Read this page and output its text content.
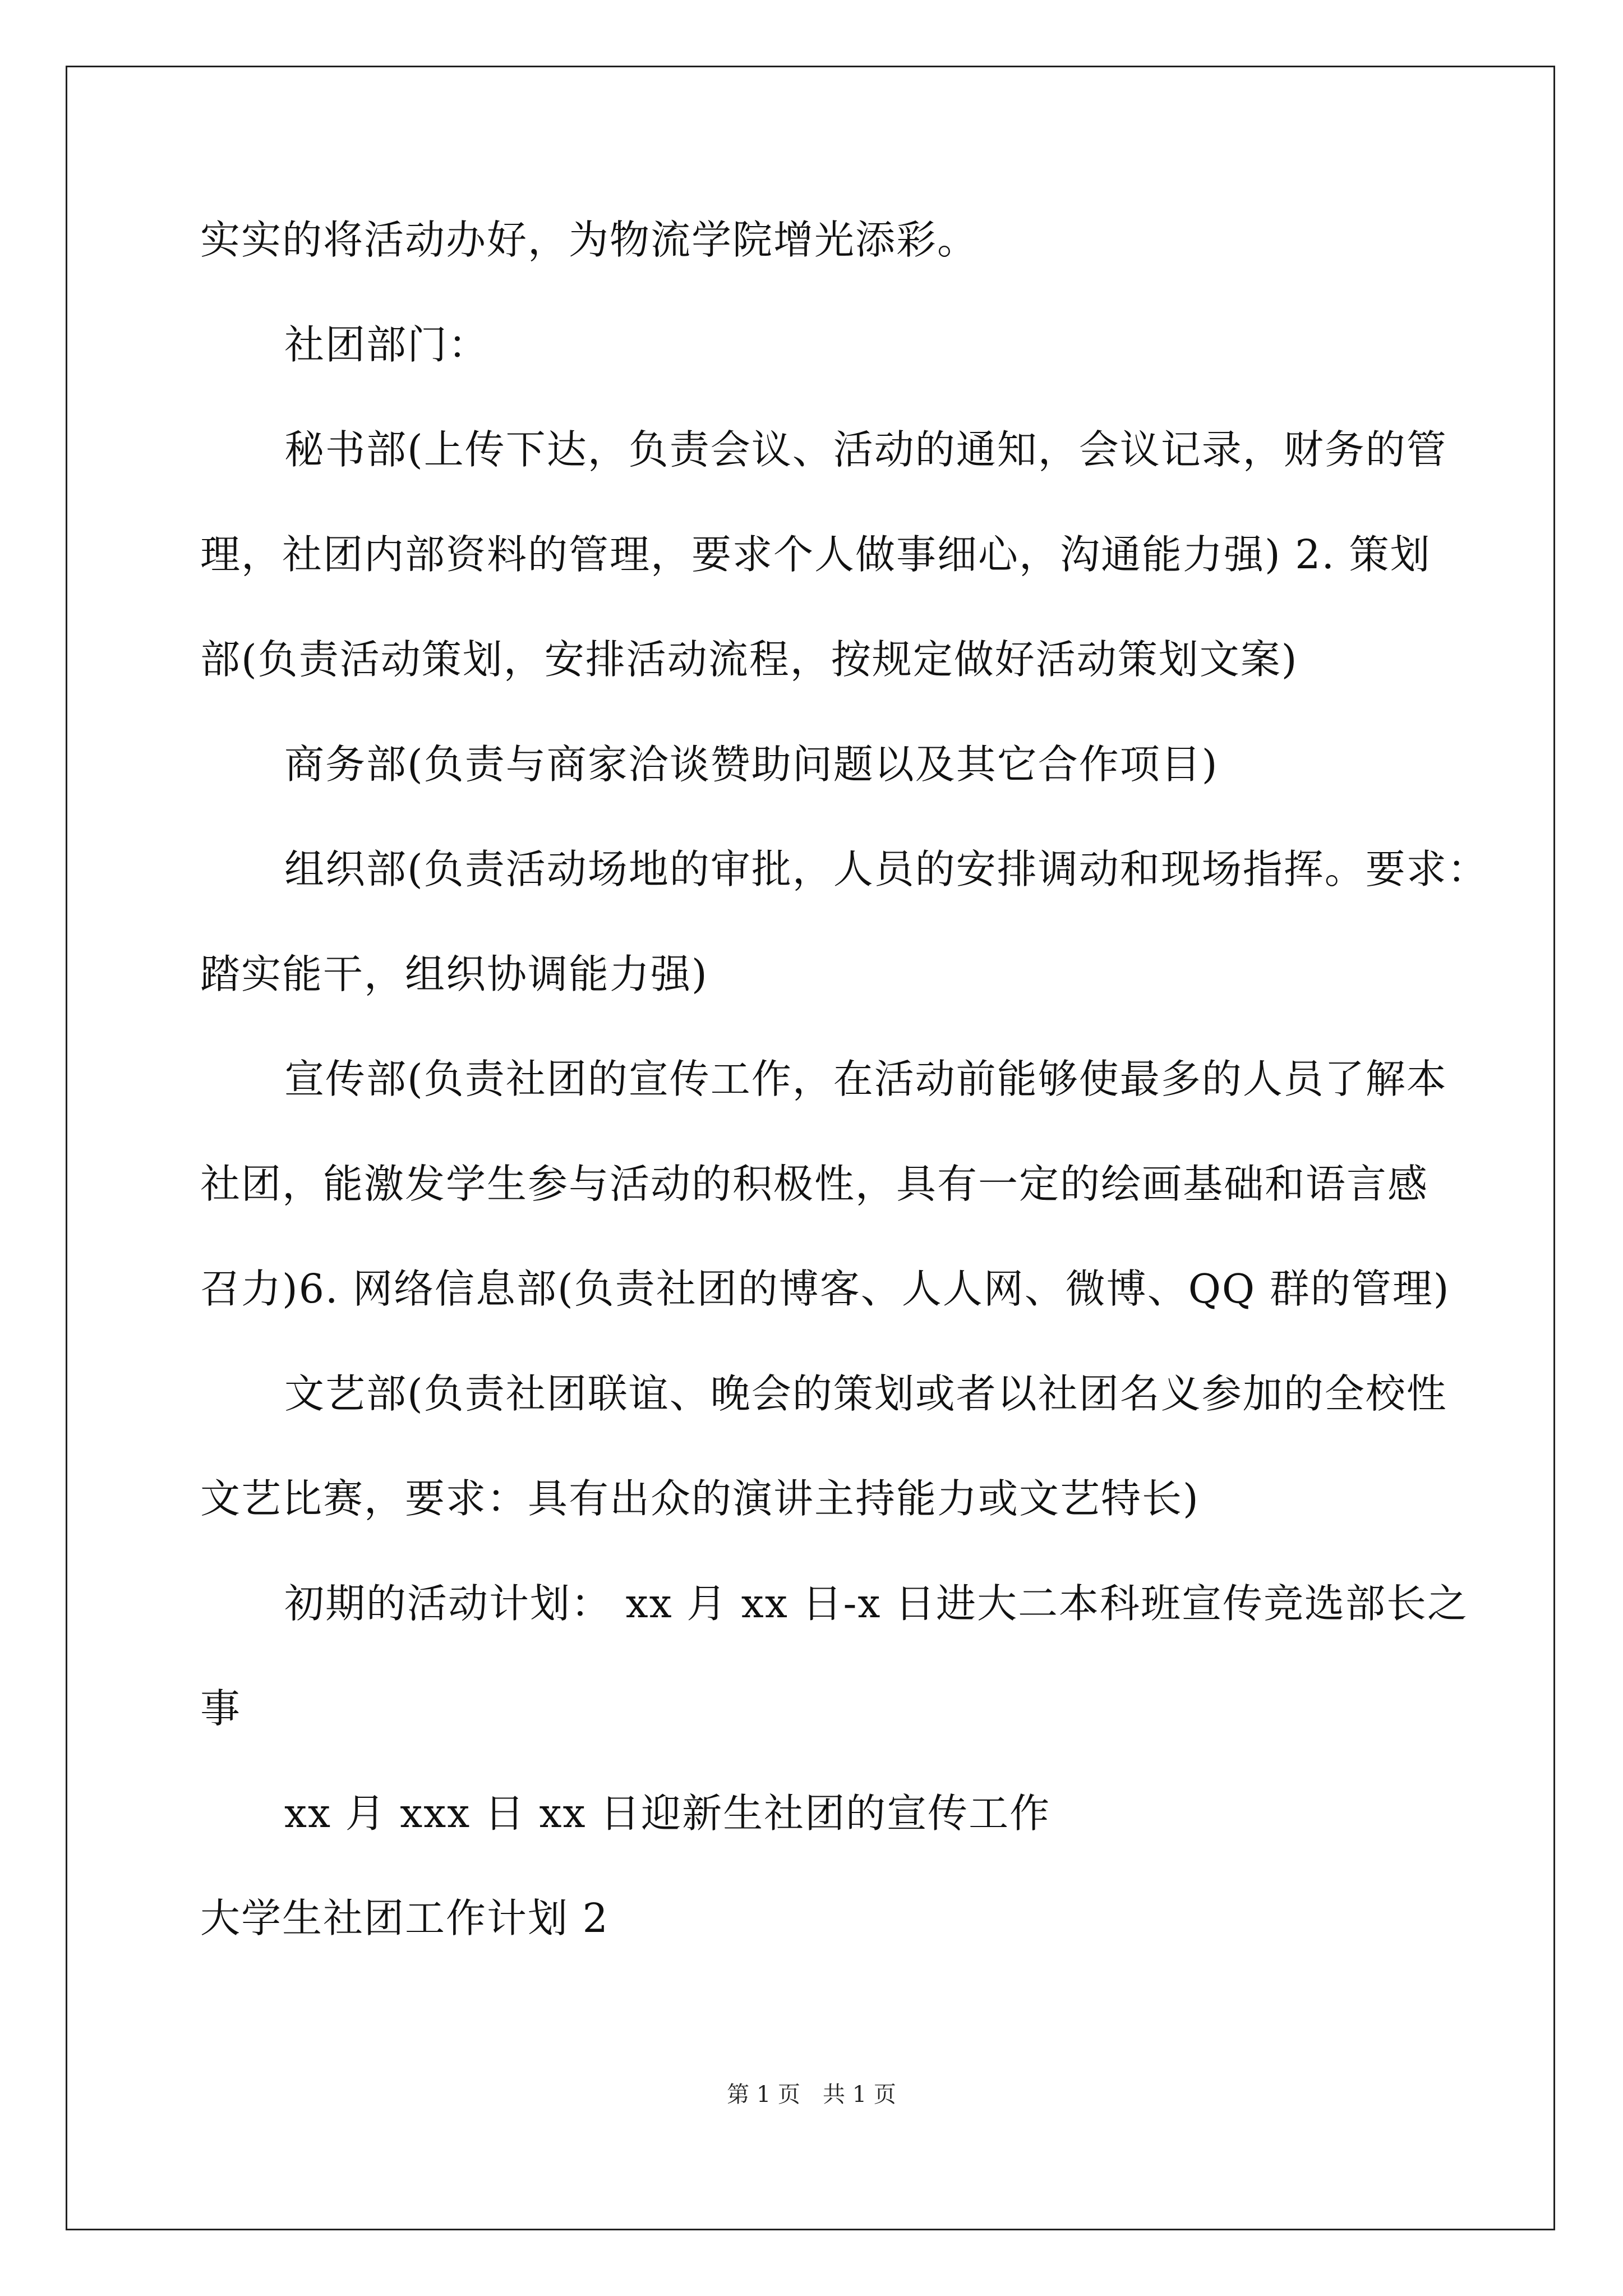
实实的将活动办好，为物流学院增光添彩。
社团部门：
秘书部(上传下达，负责会议、活动的通知，会议记录，财务的管
理，社团内部资料的管理，要求个人做事细心，沟通能力强) 2. 策划
部(负责活动策划，安排活动流程，按规定做好活动策划文案)
商务部(负责与商家洽谈赞助问题以及其它合作项目)
组织部(负责活动场地的审批，人员的安排调动和现场指挥。要求：
踏实能干，组织协调能力强)
宣传部(负责社团的宣传工作，在活动前能够使最多的人员了解本
社团，能激发学生参与活动的积极性，具有一定的绘画基础和语言感
召力)6. 网络信息部(负责社团的博客、人人网、微博、QQ 群的管理)
文艺部(负责社团联谊、晚会的策划或者以社团名义参加的全校性
文艺比赛，要求：具有出众的演讲主持能力或文艺特长)
初期的活动计划： xx 月 xx 日-x 日进大二本科班宣传竞选部长之
事
xx 月 xxx 日 xx 日迎新生社团的宣传工作
大学生社团工作计划 2
第 1 页　共 1 页
